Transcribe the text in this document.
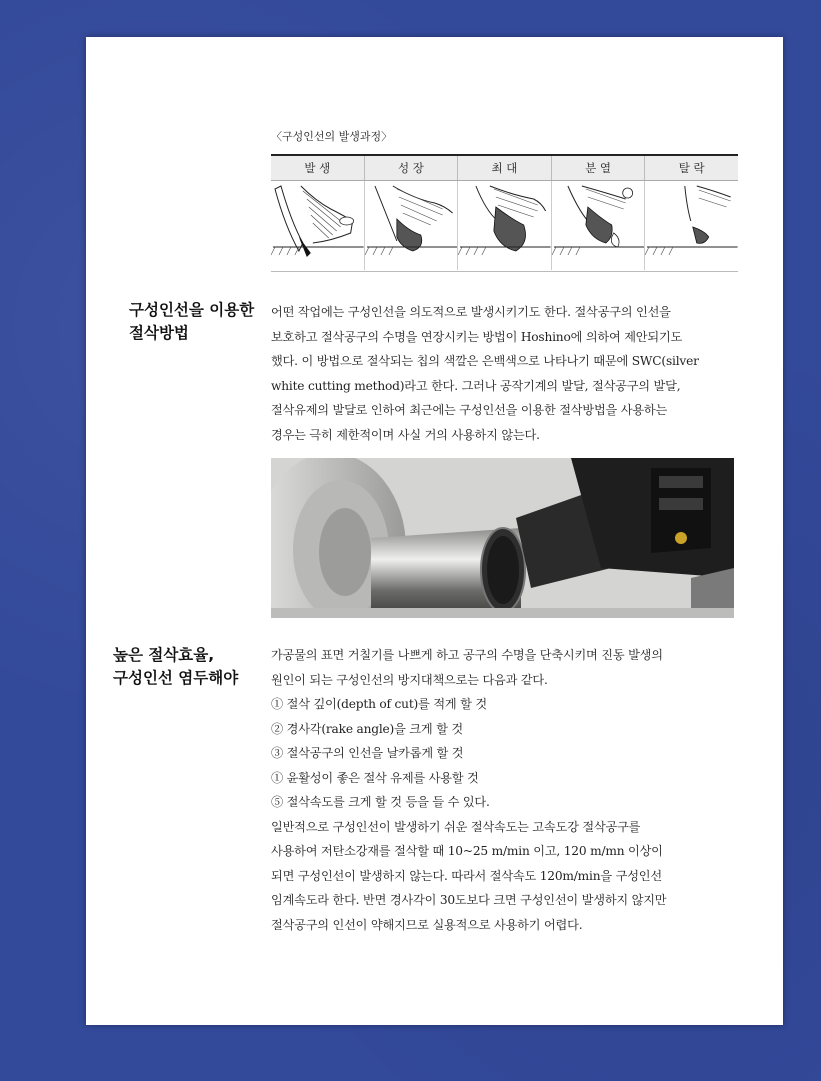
〈구성인선의 발생과정〉
발 생	성 장	최 대	분 열	탈 락
구성인선을 이용한
절삭방법
어떤 작업에는 구성인선을 의도적으로 발생시키기도 한다. 절삭공구의 인선을
보호하고 절삭공구의 수명을 연장시키는 방법이 Hoshino에 의하여 제안되기도
했다. 이 방법으로 절삭되는 칩의 색깔은 은백색으로 나타나기 때문에 SWC(silver
white cutting method)라고 한다. 그러나 공작기계의 발달, 절삭공구의 발달,
절삭유제의 발달로 인하여 최근에는 구성인선을 이용한 절삭방법을 사용하는
경우는 극히 제한적이며 사실 거의 사용하지 않는다.
높은 절삭효율,
구성인선 염두해야
가공물의 표면 거칠기를 나쁘게 하고 공구의 수명을 단축시키며 진동 발생의
원인이 되는 구성인선의 방지대책으로는 다음과 같다.
① 절삭 깊이(depth of cut)를 적게 할 것
② 경사각(rake angle)을 크게 할 것
③ 절삭공구의 인선을 날카롭게 할 것
① 윤활성이 좋은 절삭 유제를 사용할 것
⑤ 절삭속도를 크게 할 것 등을 들 수 있다.
일반적으로 구성인선이 발생하기 쉬운 절삭속도는 고속도강 절삭공구를
사용하여 저탄소강재를 절삭할 때 10~25 m/min 이고, 120 m/mn 이상이
되면 구성인선이 발생하지 않는다. 따라서 절삭속도 120m/min을 구성인선
임계속도라 한다. 반면 경사각이 30도보다 크면 구성인선이 발생하지 않지만
절삭공구의 인선이 약해지므로 실용적으로 사용하기 어렵다.
